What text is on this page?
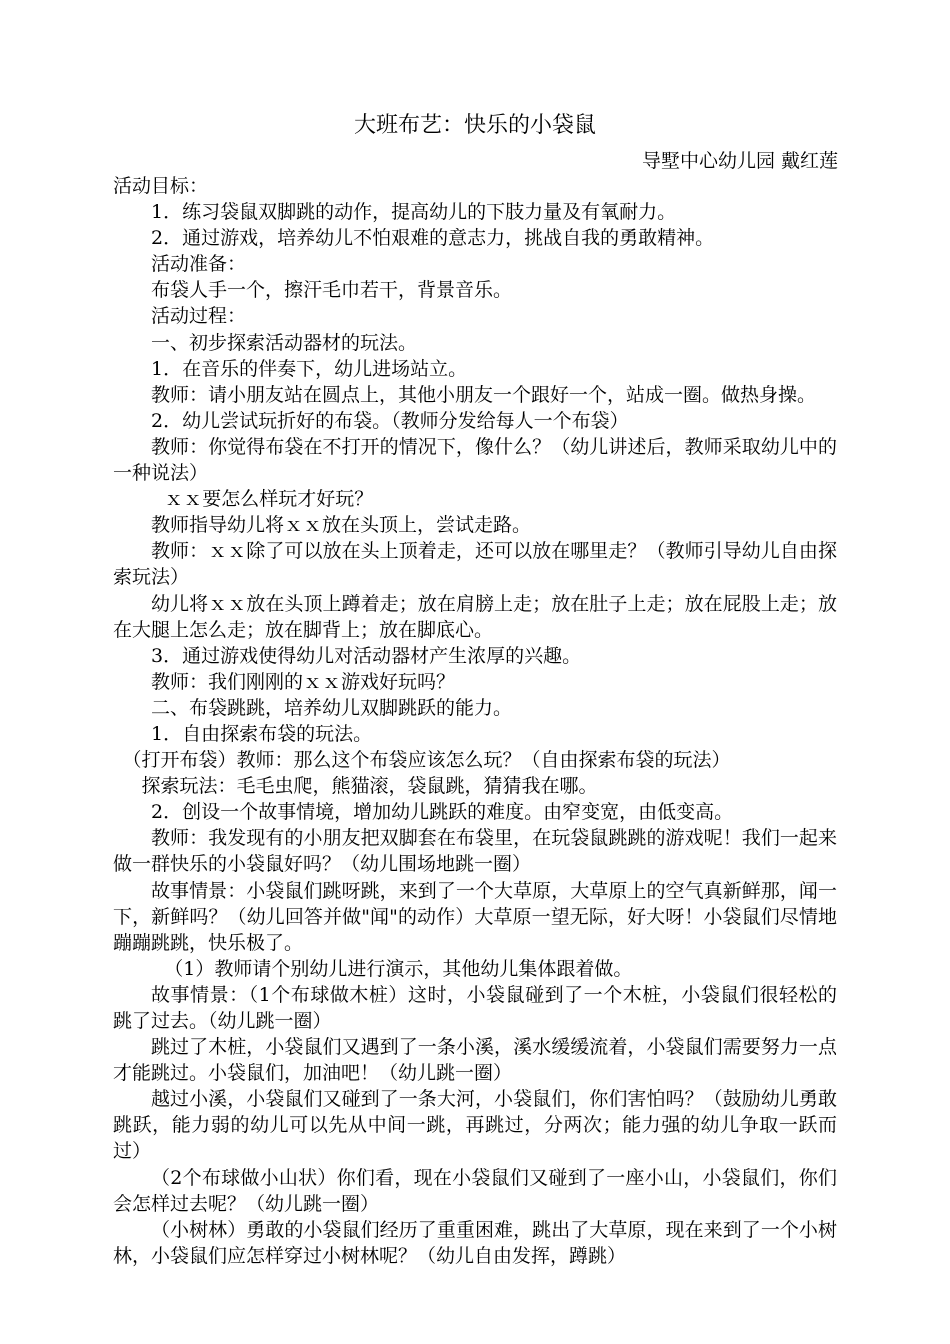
大班布艺：快乐的小袋鼠
导墅中心幼儿园 戴红莲

活动目标：

1．练习袋鼠双脚跳的动作，提高幼儿的下肢力量及有氧耐力。

2．通过游戏，培养幼儿不怕艰难的意志力，挑战自我的勇敢精神。

活动准备：

布袋人手一个，擦汗毛巾若干，背景音乐。

活动过程：

一、初步探索活动器材的玩法。

1．在音乐的伴奏下，幼儿进场站立。

教师：请小朋友站在圆点上，其他小朋友一个跟好一个，站成一圈。做热身操。

2．幼儿尝试玩折好的布袋。（教师分发给每人一个布袋）

教师：你觉得布袋在不打开的情况下，像什么？（幼儿讲述后，教师采取幼儿中的一种说法）

ｘｘ要怎么样玩才好玩？

教师指导幼儿将ｘｘ放在头顶上，尝试走路。

教师：ｘｘ除了可以放在头上顶着走，还可以放在哪里走？（教师引导幼儿自由探索玩法）

幼儿将ｘｘ放在头顶上蹲着走；放在肩膀上走；放在肚子上走；放在屁股上走；放在大腿上怎么走；放在脚背上；放在脚底心。

3．通过游戏使得幼儿对活动器材产生浓厚的兴趣。

教师：我们刚刚的ｘｘ游戏好玩吗？

二、布袋跳跳，培养幼儿双脚跳跃的能力。

1．自由探索布袋的玩法。

（打开布袋）教师：那么这个布袋应该怎么玩？（自由探索布袋的玩法）

探索玩法：毛毛虫爬，熊猫滚，袋鼠跳，猜猜我在哪。

2．创设一个故事情境，增加幼儿跳跃的难度。由窄变宽，由低变高。

教师：我发现有的小朋友把双脚套在布袋里，在玩袋鼠跳跳的游戏呢！我们一起来做一群快乐的小袋鼠好吗？（幼儿围场地跳一圈）

故事情景：小袋鼠们跳呀跳，来到了一个大草原，大草原上的空气真新鲜那，闻一下，新鲜吗？（幼儿回答并做"闻"的动作）大草原一望无际，好大呀！小袋鼠们尽情地蹦蹦跳跳，快乐极了。

（1）教师请个别幼儿进行演示，其他幼儿集体跟着做。

故事情景：（1个布球做木桩）这时，小袋鼠碰到了一个木桩，小袋鼠们很轻松的跳了过去。（幼儿跳一圈）

跳过了木桩，小袋鼠们又遇到了一条小溪，溪水缓缓流着，小袋鼠们需要努力一点才能跳过。小袋鼠们，加油吧！（幼儿跳一圈）

越过小溪，小袋鼠们又碰到了一条大河，小袋鼠们，你们害怕吗？（鼓励幼儿勇敢跳跃，能力弱的幼儿可以先从中间一跳，再跳过，分两次；能力强的幼儿争取一跃而过）

（2个布球做小山状）你们看，现在小袋鼠们又碰到了一座小山，小袋鼠们，你们会怎样过去呢？（幼儿跳一圈）

（小树林）勇敢的小袋鼠们经历了重重困难，跳出了大草原，现在来到了一个小树林，小袋鼠们应怎样穿过小树林呢？（幼儿自由发挥，蹲跳）
